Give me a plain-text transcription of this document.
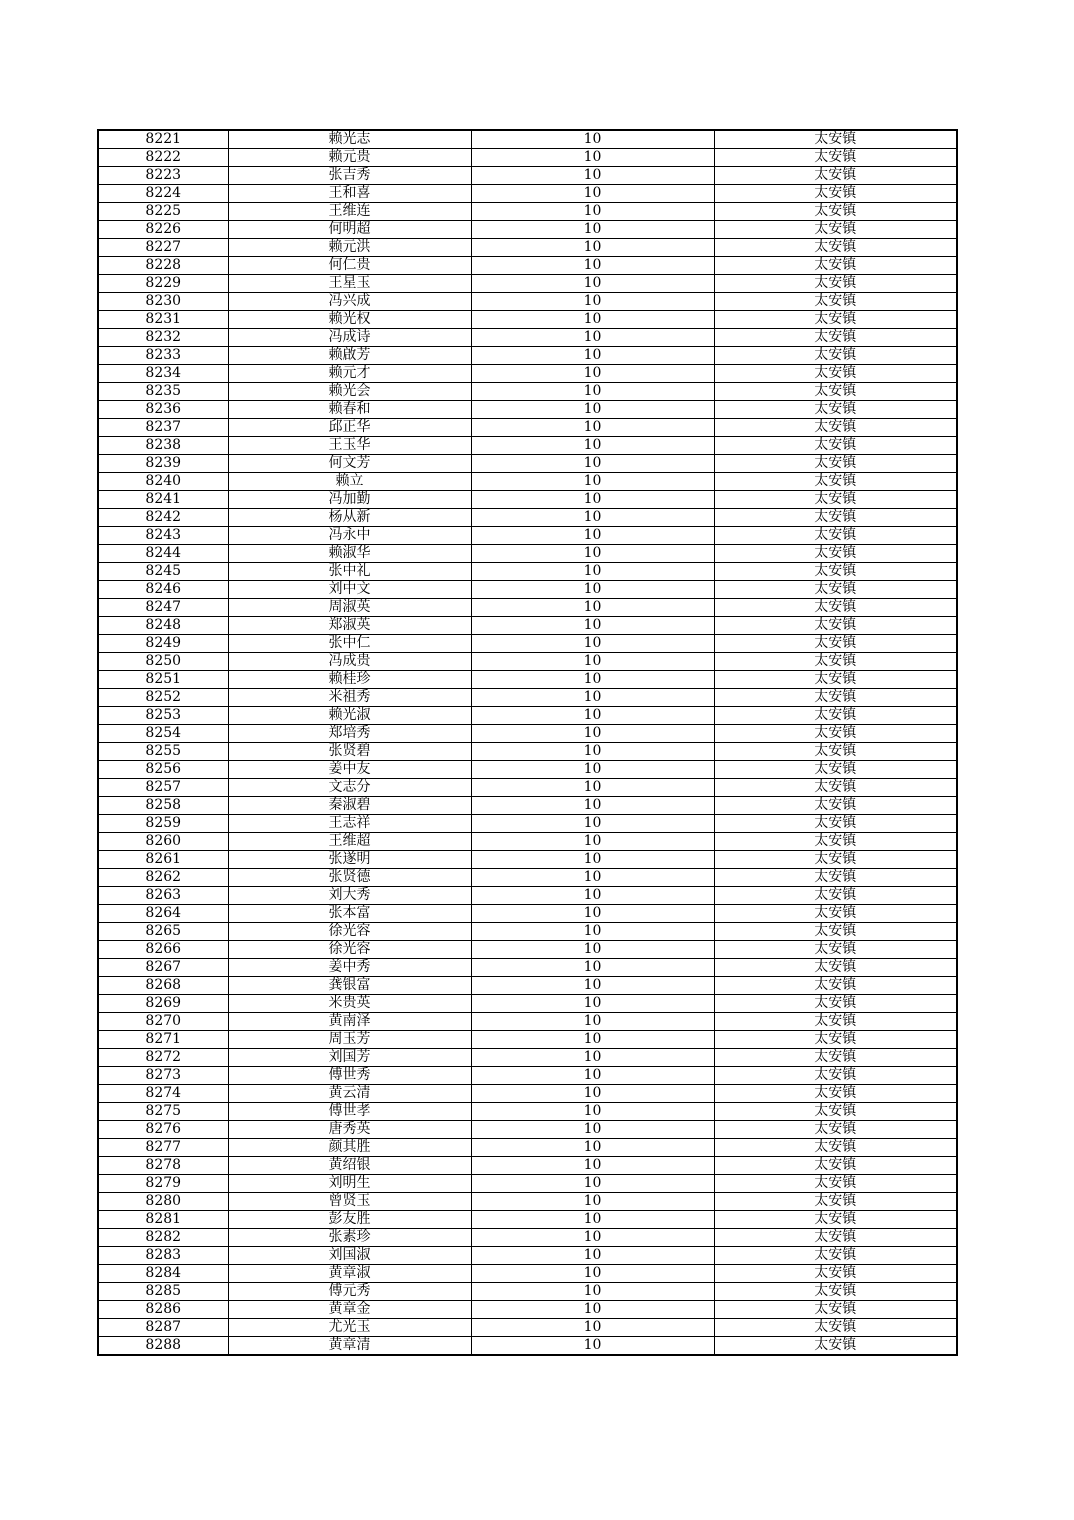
8221	赖光志	10	太安镇
8222	赖元贵	10	太安镇
8223	张吉秀	10	太安镇
8224	王和喜	10	太安镇
8225	王维连	10	太安镇
8226	何明超	10	太安镇
8227	赖元洪	10	太安镇
8228	何仁贵	10	太安镇
8229	王星玉	10	太安镇
8230	冯兴成	10	太安镇
8231	赖光权	10	太安镇
8232	冯成诗	10	太安镇
8233	赖啟芳	10	太安镇
8234	赖元才	10	太安镇
8235	赖光会	10	太安镇
8236	赖春和	10	太安镇
8237	邱正华	10	太安镇
8238	王玉华	10	太安镇
8239	何文芳	10	太安镇
8240	赖立	10	太安镇
8241	冯加勤	10	太安镇
8242	杨从新	10	太安镇
8243	冯永中	10	太安镇
8244	赖淑华	10	太安镇
8245	张中礼	10	太安镇
8246	刘中文	10	太安镇
8247	周淑英	10	太安镇
8248	郑淑英	10	太安镇
8249	张中仁	10	太安镇
8250	冯成贵	10	太安镇
8251	赖桂珍	10	太安镇
8252	米祖秀	10	太安镇
8253	赖光淑	10	太安镇
8254	郑培秀	10	太安镇
8255	张贤碧	10	太安镇
8256	姜中友	10	太安镇
8257	文志分	10	太安镇
8258	秦淑碧	10	太安镇
8259	王志祥	10	太安镇
8260	王维超	10	太安镇
8261	张遂明	10	太安镇
8262	张贤德	10	太安镇
8263	刘大秀	10	太安镇
8264	张本富	10	太安镇
8265	徐光容	10	太安镇
8266	徐光容	10	太安镇
8267	姜中秀	10	太安镇
8268	龚银富	10	太安镇
8269	米贵英	10	太安镇
8270	黄南泽	10	太安镇
8271	周玉芳	10	太安镇
8272	刘国芳	10	太安镇
8273	傅世秀	10	太安镇
8274	黄云清	10	太安镇
8275	傅世孝	10	太安镇
8276	唐秀英	10	太安镇
8277	颜其胜	10	太安镇
8278	黄绍银	10	太安镇
8279	刘明生	10	太安镇
8280	曾贤玉	10	太安镇
8281	彭友胜	10	太安镇
8282	张素珍	10	太安镇
8283	刘国淑	10	太安镇
8284	黄章淑	10	太安镇
8285	傅元秀	10	太安镇
8286	黄章金	10	太安镇
8287	尤光玉	10	太安镇
8288	黄章清	10	太安镇
